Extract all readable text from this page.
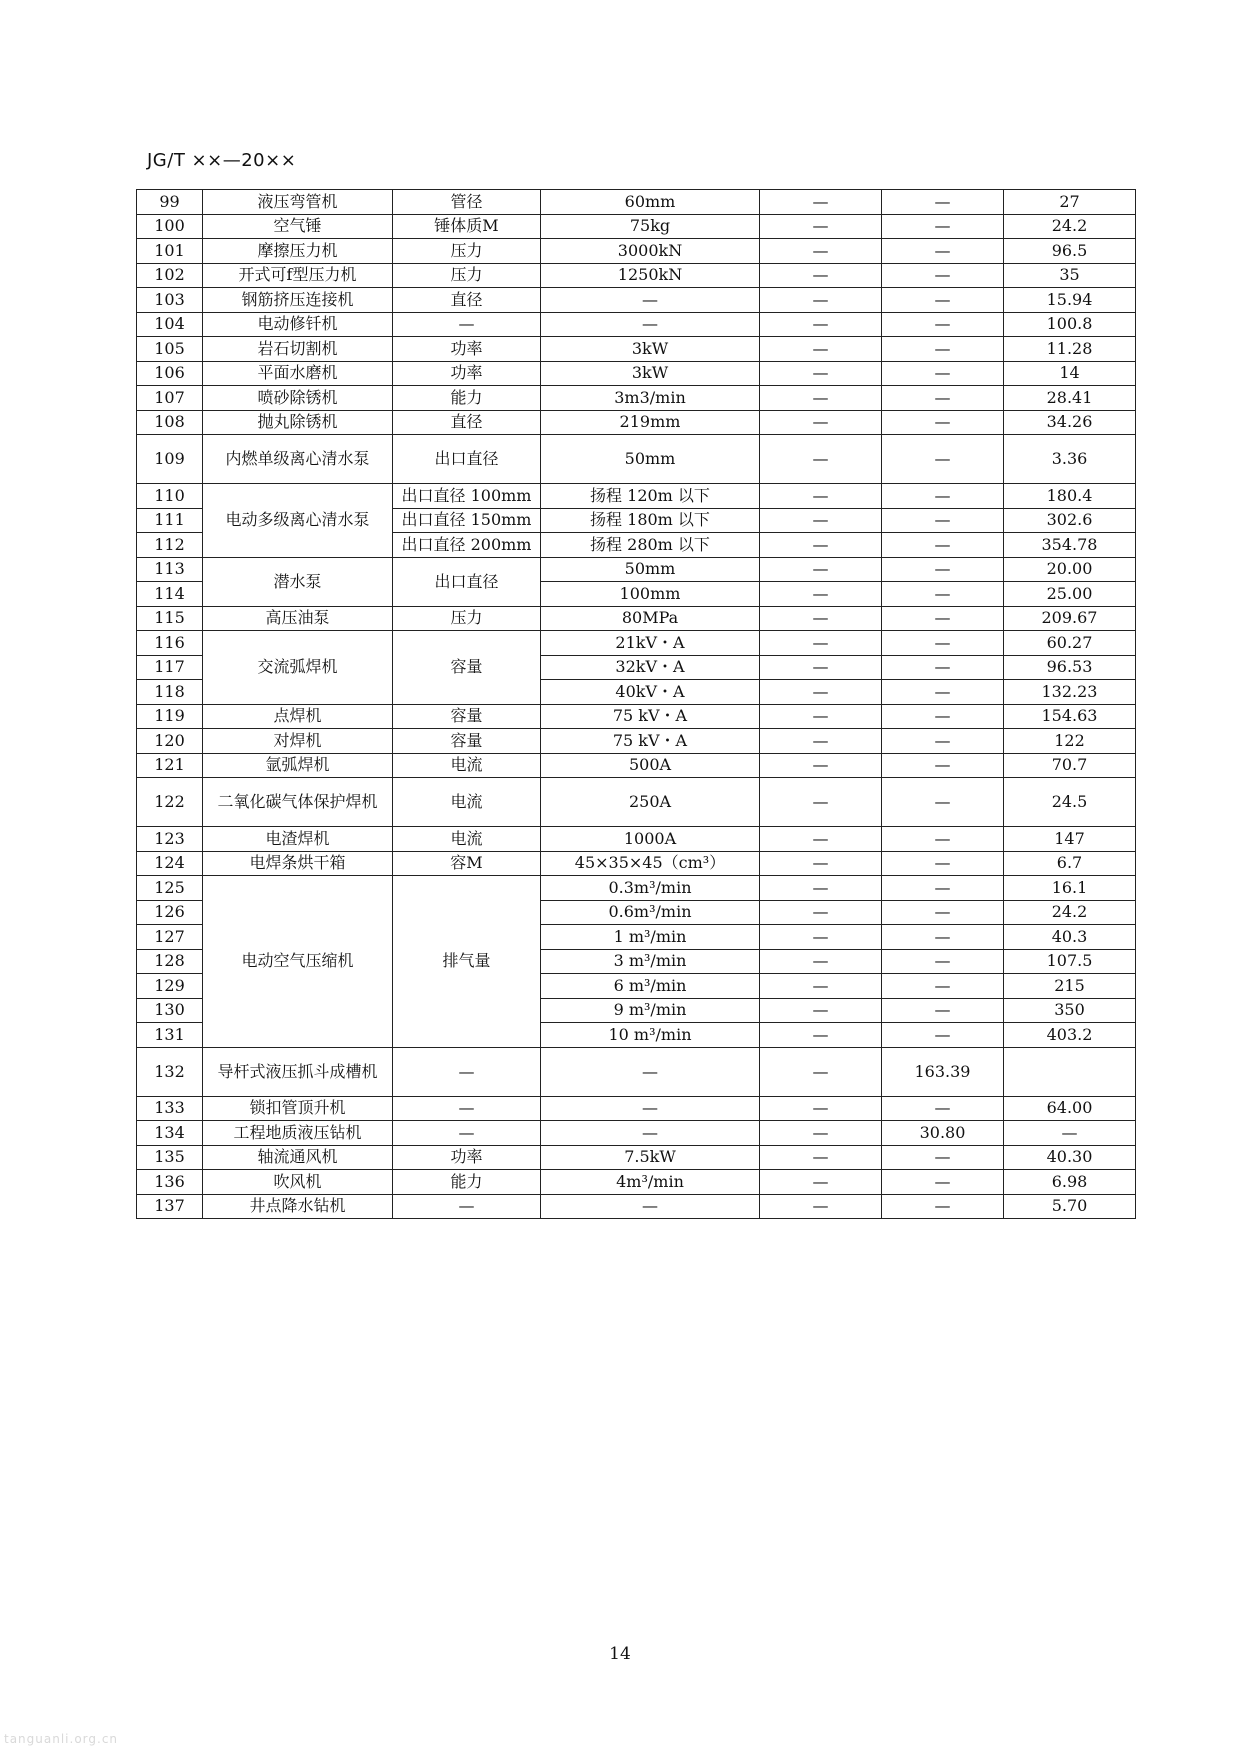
JG/T ××—20××
99	液压弯管机	管径	60mm	—	—	27
100	空气锤	锤体质M	75kg	—	—	24.2
101	摩擦压力机	压力	3000kN	—	—	96.5
102	开式可f型压力机	压力	1250kN	—	—	35
103	钢筋挤压连接机	直径	—	—	—	15.94
104	电动修钎机	—	—	—	—	100.8
105	岩石切割机	功率	3kW	—	—	11.28
106	平面水磨机	功率	3kW	—	—	14
107	喷砂除锈机	能力	3m3/min	—	—	28.41
108	抛丸除锈机	直径	219mm	—	—	34.26
109	内燃单级离心清水泵	出口直径	50mm	—	—	3.36
110	电动多级离心清水泵	出口直径 100mm	扬程 120m 以下	—	—	180.4
111		出口直径 150mm	扬程 180m 以下	—	—	302.6
112		出口直径 200mm	扬程 280m 以下	—	—	354.78
113	潜水泵	出口直径	50mm	—	—	20.00
114			100mm	—	—	25.00
115	高压油泵	压力	80MPa	—	—	209.67
116	交流弧焊机	容量	21kV・A	—	—	60.27
117			32kV・A	—	—	96.53
118			40kV・A	—	—	132.23
119	点焊机	容量	75 kV・A	—	—	154.63
120	对焊机	容量	75 kV・A	—	—	122
121	氩弧焊机	电流	500A	—	—	70.7
122	二氧化碳气体保护焊机	电流	250A	—	—	24.5
123	电渣焊机	电流	1000A	—	—	147
124	电焊条烘干箱	容M	45×35×45（cm³）	—	—	6.7
125	电动空气压缩机	排气量	0.3m³/min	—	—	16.1
126			0.6m³/min	—	—	24.2
127			1 m³/min	—	—	40.3
128			3 m³/min	—	—	107.5
129			6 m³/min	—	—	215
130			9 m³/min	—	—	350
131			10 m³/min	—	—	403.2
132	导杆式液压抓斗成槽机	—	—	—	163.39	
133	锁扣管顶升机	—	—	—	—	64.00
134	工程地质液压钻机	—	—	—	30.80	—
135	轴流通风机	功率	7.5kW	—	—	40.30
136	吹风机	能力	4m³/min	—	—	6.98
137	井点降水钻机	—	—	—	—	5.70
14
tanguanli.org.cn
